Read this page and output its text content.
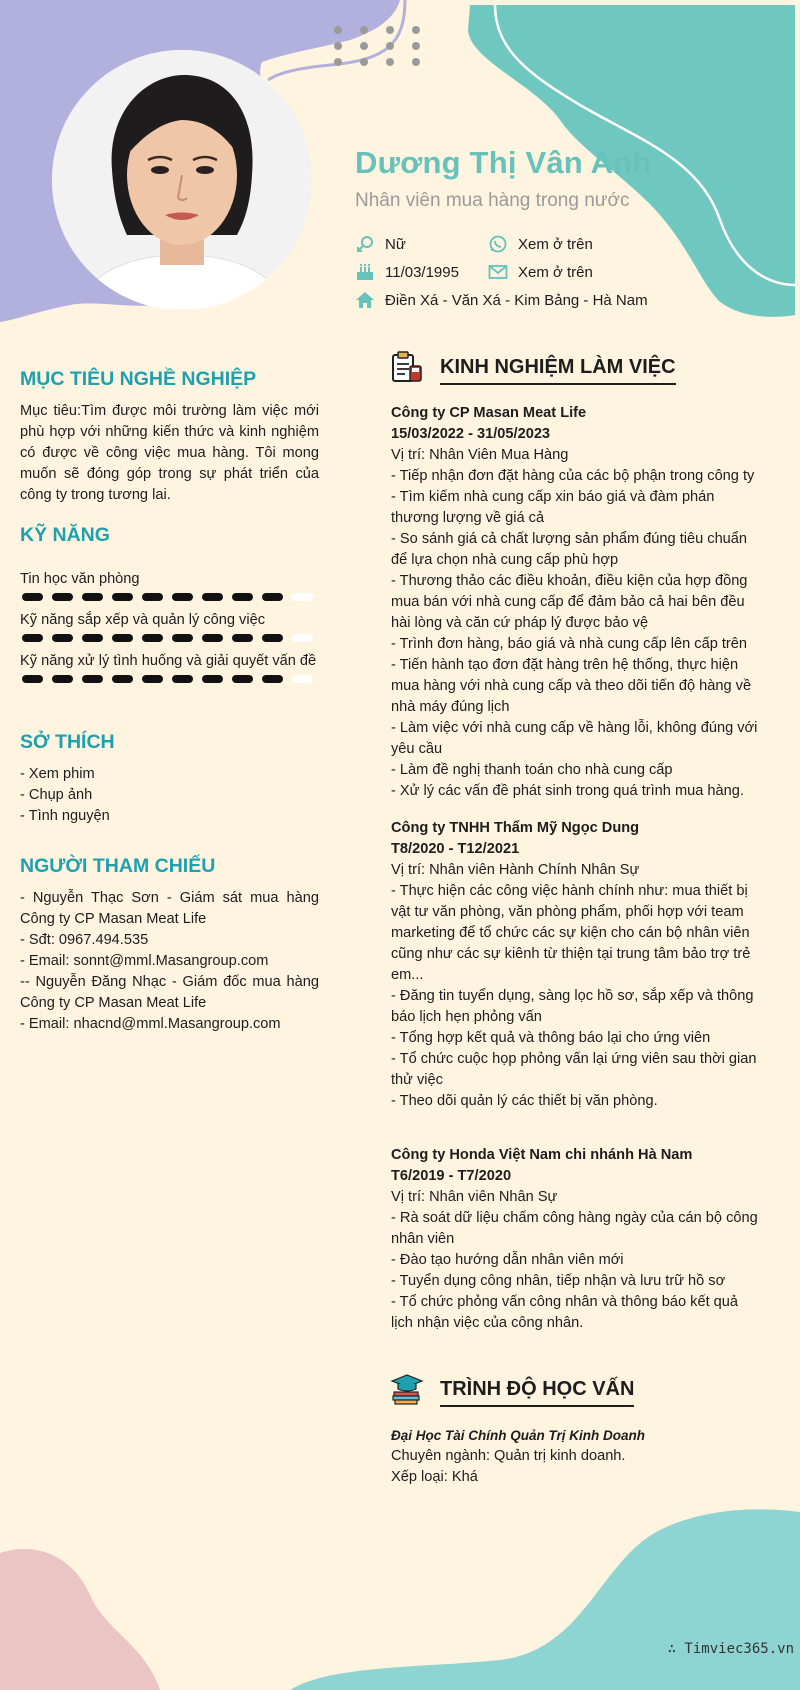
Dương Thị Vân Anh
Nhân viên mua hàng trong nước
Nữ	Xem ở trên
11/03/1995	Xem ở trên
Điền Xá - Văn Xá - Kim Bảng - Hà Nam
MỤC TIÊU NGHỀ NGHIỆP
Mục tiêu:Tìm được môi trường làm việc mới phù hợp với những kiến thức và kinh nghiệm có được về công việc mua hàng. Tôi mong muốn sẽ đóng góp trong sự phát triển của công ty trong tương lai.
KỸ NĂNG
Tin học văn phòng
Kỹ năng sắp xếp và quản lý công việc
Kỹ năng xử lý tình huống và giải quyết vấn đề
SỞ THÍCH
- Xem phim
- Chụp ảnh
- Tình nguyện
NGƯỜI THAM CHIẾU
- Nguyễn Thạc Sơn - Giám sát mua hàng Công ty CP Masan Meat Life
- Sđt: 0967.494.535
- Email: sonnt@mml.Masangroup.com
-- Nguyễn Đăng Nhạc - Giám đốc mua hàng Công ty CP Masan Meat Life
- Email: nhacnd@mml.Masangroup.com
KINH NGHIỆM LÀM VIỆC
Công ty CP Masan Meat Life
15/03/2022 - 31/05/2023
Vị trí: Nhân Viên Mua Hàng
- Tiếp nhận đơn đặt hàng của các bộ phận trong công ty
- Tìm kiếm nhà cung cấp xin báo giá và đàm phán thương lượng về giá cả
- So sánh giá cả chất lượng sản phẩm đúng tiêu chuẩn để lựa chọn nhà cung cấp phù hợp
- Thương thảo các điều khoản, điều kiện của hợp đồng mua bán với nhà cung cấp để đảm bảo cả hai bên đều hài lòng và căn cứ pháp lý được bảo vệ
- Trình đơn hàng, báo giá và nhà cung cấp lên cấp trên
- Tiến hành tạo đơn đặt hàng trên hệ thống, thực hiện mua hàng với nhà cung cấp và theo dõi tiến độ hàng về nhà máy đúng lịch
- Làm việc với nhà cung cấp về hàng lỗi, không đúng với yêu cầu
- Làm đề nghị thanh toán cho nhà cung cấp
- Xử lý các vấn đề phát sinh trong quá trình mua hàng.
Công ty TNHH Thẩm Mỹ Ngọc Dung
T8/2020 - T12/2021
Vị trí: Nhân viên Hành Chính Nhân Sự
- Thực hiện các công việc hành chính như: mua thiết bị vật tư văn phòng, văn phòng phẩm, phối hợp với team marketing để tổ chức các sự kiện cho cán bộ nhân viên cũng như các sự kiênh từ thiện tại trung tâm bảo trợ trẻ em...
- Đăng tin tuyển dụng, sàng lọc hồ sơ, sắp xếp và thông báo lịch hẹn phỏng vấn
- Tổng hợp kết quả và thông báo lại cho ứng viên
- Tổ chức cuộc họp phỏng vấn lại ứng viên sau thời gian thử việc
- Theo dõi quản lý các thiết bị văn phòng.
Công ty Honda Việt Nam chi nhánh Hà Nam
T6/2019 - T7/2020
Vị trí: Nhân viên Nhân Sự
- Rà soát dữ liệu chấm công hàng ngày của cán bộ công nhân viên
- Đào tạo hướng dẫn nhân viên mới
- Tuyển dụng công nhân, tiếp nhận và lưu trữ hồ sơ
- Tổ chức phỏng vấn công nhân và thông báo kết quả lịch nhận việc của công nhân.
TRÌNH ĐỘ HỌC VẤN
Đại Học Tài Chính Quản Trị Kinh Doanh
Chuyên ngành: Quản trị kinh doanh.
Xếp loại: Khá
∴ Timviec365.vn
